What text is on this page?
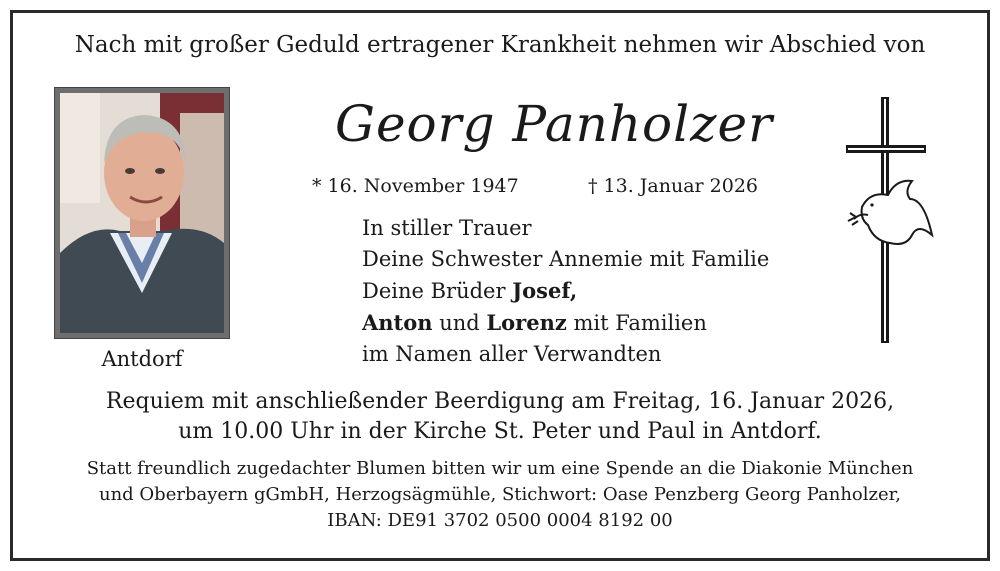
Nach mit großer Geduld ertragener Krankheit nehmen wir Abschied von
Antdorf
Georg Panholzer
* 16. November 1947	† 13. Januar 2026
In stiller Trauer
Deine Schwester Annemie mit Familie
Deine Brüder Josef,
Anton und Lorenz mit Familien
im Namen aller Verwandten
Requiem mit anschließender Beerdigung am Freitag, 16. Januar 2026,
um 10.00 Uhr in der Kirche St. Peter und Paul in Antdorf.
Statt freundlich zugedachter Blumen bitten wir um eine Spende an die Diakonie München
und Oberbayern gGmbH, Herzogsägmühle, Stichwort: Oase Penzberg Georg Panholzer,
IBAN: DE91 3702 0500 0004 8192 00
